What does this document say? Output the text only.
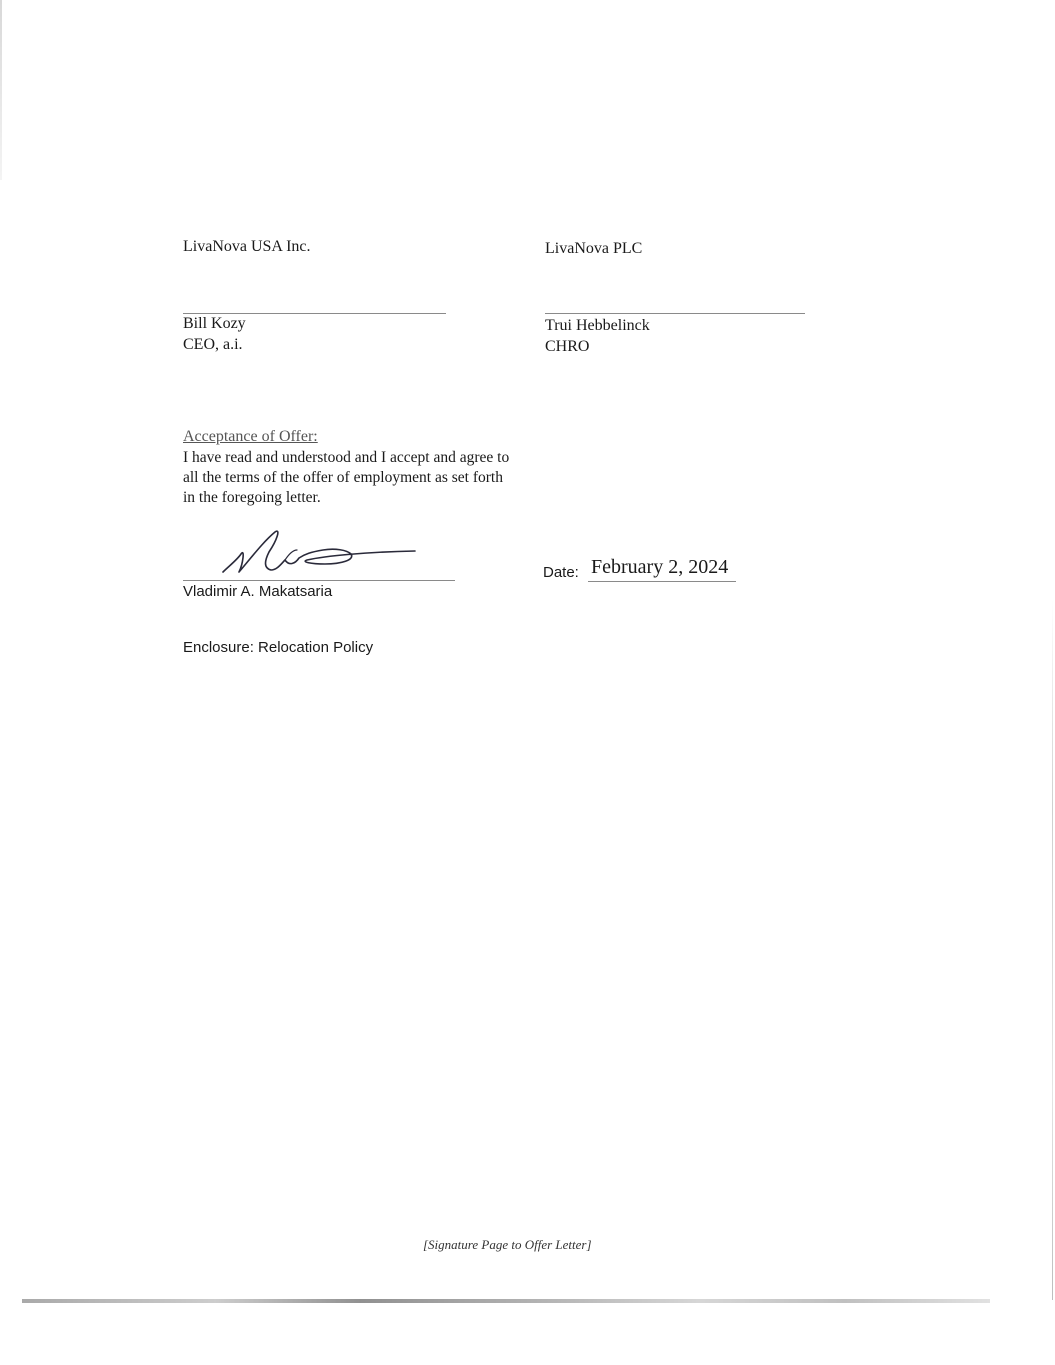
LivaNova USA Inc.	LivaNova PLC
Bill Kozy
CEO, a.i.
Trui Hebbelinck
CHRO
Acceptance of Offer:
I have read and understood and I accept and agree to
all the terms of the offer of employment as set forth
in the foregoing letter.
Vladimir A. Makatsaria
Date: February 2, 2024
Enclosure: Relocation Policy
[Signature Page to Offer Letter]
